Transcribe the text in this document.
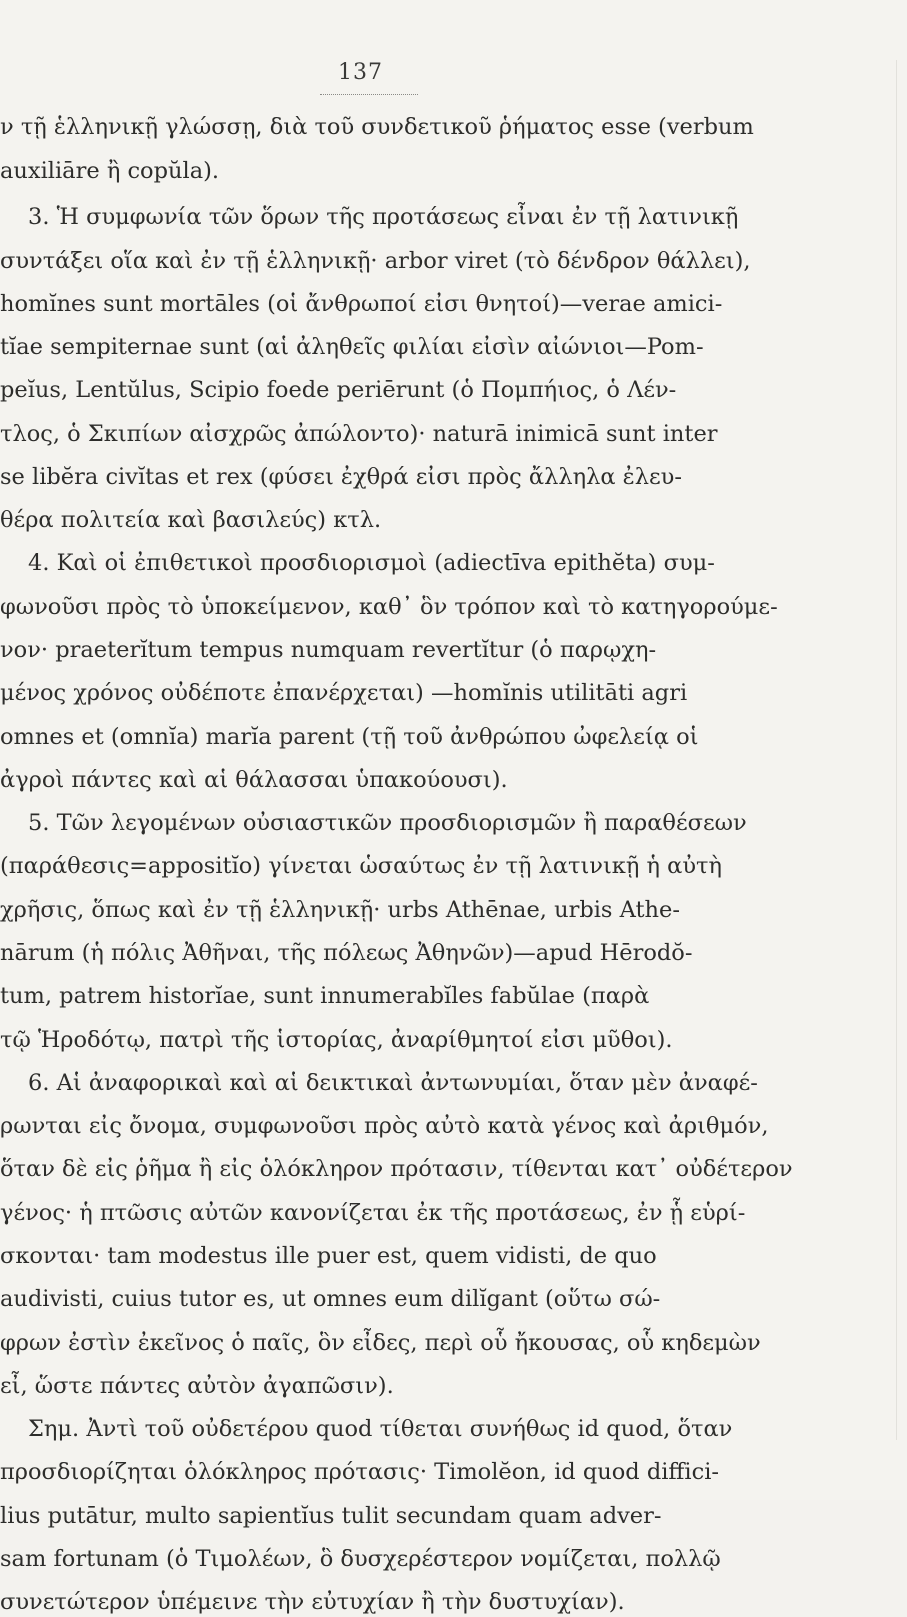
137
ν τῇ ἑλληνικῇ γλώσσῃ, διὰ τοῦ συνδετικοῦ ῥήματος esse (verbum
auxiliāre ἢ copŭla).
3. Ἡ συμφωνία τῶν ὅρων τῆς προτάσεως εἶναι ἐν τῇ λατινικῇ
συντάξει οἵα καὶ ἐν τῇ ἑλληνικῇ· arbor viret (τὸ δένδρον θάλλει),
homĭnes sunt mortāles (οἱ ἄνθρωποί εἰσι θνητοί)—verae amici-
tĭae sempiternae sunt (αἱ ἀληθεῖς φιλίαι εἰσὶν αἰώνιοι—Pom-
peĭus, Lentŭlus, Scipio foede periērunt (ὁ Πομπήιος, ὁ Λέν-
τλος, ὁ Σκιπίων αἰσχρῶς ἀπώλοντο)· naturā inimicā sunt inter
se libĕra civĭtas et rex (φύσει ἐχθρά εἰσι πρὸς ἄλληλα ἐλευ-
θέρα πολιτεία καὶ βασιλεύς) κτλ.
4. Καὶ οἱ ἐπιθετικοὶ προσδιορισμοὶ (adiectīva epithĕta) συμ-
φωνοῦσι πρὸς τὸ ὑποκείμενον, καθ᾽ ὃν τρόπον καὶ τὸ κατηγορούμε-
νον· praeterĭtum tempus numquam revertĭtur (ὁ παρῳχη-
μένος χρόνος οὐδέποτε ἐπανέρχεται) —homĭnis utilitāti agri
omnes et (omnĭa) marĭa parent (τῇ τοῦ ἀνθρώπου ὠφελείᾳ οἱ
ἀγροὶ πάντες καὶ αἱ θάλασσαι ὑπακούουσι).
5. Τῶν λεγομένων οὐσιαστικῶν προσδιορισμῶν ἢ παραθέσεων
(παράθεσις=appositĭo) γίνεται ὡσαύτως ἐν τῇ λατινικῇ ἡ αὐτὴ
χρῆσις, ὅπως καὶ ἐν τῇ ἑλληνικῇ· urbs Athēnae, urbis Athe-
nārum (ἡ πόλις Ἀθῆναι, τῆς πόλεως Ἀθηνῶν)—apud Hērodŏ-
tum, patrem historĭae, sunt innumerabĭles fabŭlae (παρὰ
τῷ Ἡροδότῳ, πατρὶ τῆς ἱστορίας, ἀναρίθμητοί εἰσι μῦθοι).
6. Αἱ ἀναφορικαὶ καὶ αἱ δεικτικαὶ ἀντωνυμίαι, ὅταν μὲν ἀναφέ-
ρωνται εἰς ὄνομα, συμφωνοῦσι πρὸς αὐτὸ κατὰ γένος καὶ ἀριθμόν,
ὅταν δὲ εἰς ῥῆμα ἢ εἰς ὁλόκληρον πρότασιν, τίθενται κατ᾽ οὐδέτερον
γένος· ἡ πτῶσις αὐτῶν κανονίζεται ἐκ τῆς προτάσεως, ἐν ᾗ εὑρί-
σκονται· tam modestus ille puer est, quem vidisti, de quo
audivisti, cuius tutor es, ut omnes eum dilĭgant (οὕτω σώ-
φρων ἐστὶν ἐκεῖνος ὁ παῖς, ὃν εἶδες, περὶ οὗ ἤκουσας, οὗ κηδεμὼν
εἶ, ὥστε πάντες αὐτὸν ἀγαπῶσιν).
Σημ. Ἀντὶ τοῦ οὐδετέρου quod τίθεται συνήθως id quod, ὅταν
προσδιορίζηται ὁλόκληρος πρότασις· Timolĕon, id quod diffici-
lius putātur, multo sapientĭus tulit secundam quam adver-
sam fortunam (ὁ Τιμολέων, ὃ δυσχερέστερον νομίζεται, πολλῷ
συνετώτερον ὑπέμεινε τὴν εὐτυχίαν ἢ τὴν δυστυχίαν).
